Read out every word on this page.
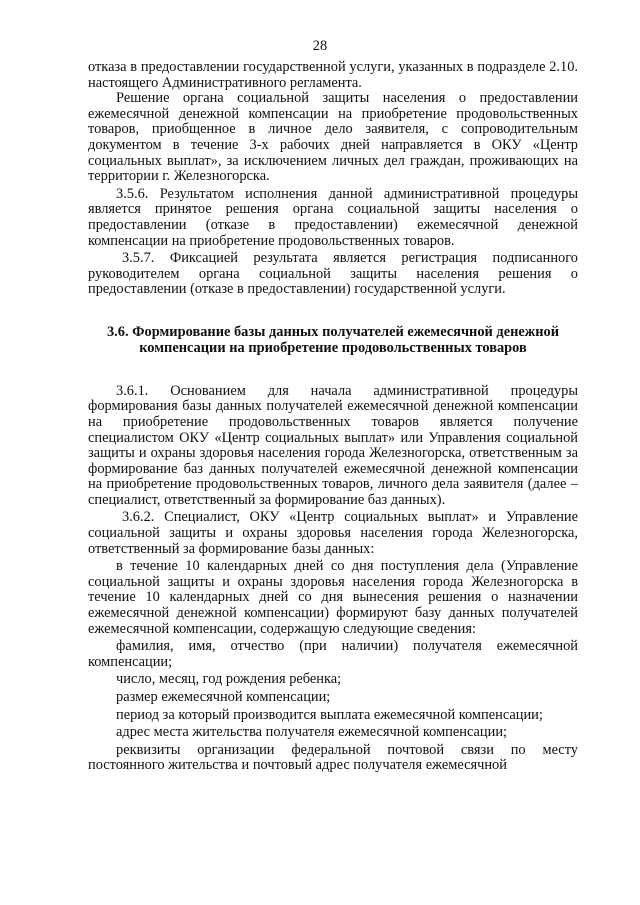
28

отказа в предоставлении государственной услуги, указанных в подразделе 2.10. настоящего Административного регламента.

Решение органа социальной защиты населения о предоставлении ежемесячной денежной компенсации на приобретение продовольственных товаров, приобщенное в личное дело заявителя, с сопроводительным документом в течение 3-х рабочих дней направляется в ОКУ «Центр социальных выплат», за исключением личных дел граждан, проживающих на территории г. Железногорска.

3.5.6. Результатом исполнения данной административной процедуры является принятое решения органа социальной защиты населения о предоставлении (отказе в предоставлении) ежемесячной денежной компенсации на приобретение продовольственных товаров.

3.5.7. Фиксацией результата является регистрация подписанного руководителем органа социальной защиты населения решения о предоставлении (отказе в предоставлении) государственной услуги.

3.6. Формирование базы данных получателей ежемесячной денежной компенсации на приобретение продовольственных товаров

3.6.1. Основанием для начала административной процедуры формирования базы данных получателей ежемесячной денежной компенсации на приобретение продовольственных товаров является получение специалистом ОКУ «Центр социальных выплат» или Управления социальной защиты и охраны здоровья населения города Железногорска, ответственным за формирование баз данных получателей ежемесячной денежной компенсации на приобретение продовольственных товаров, личного дела заявителя (далее – специалист, ответственный за формирование баз данных).

3.6.2. Специалист, ОКУ «Центр социальных выплат» и Управление социальной защиты и охраны здоровья населения города Железногорска, ответственный за формирование базы данных:

в течение 10 календарных дней со дня поступления дела (Управление социальной защиты и охраны здоровья населения города Железногорска в течение 10 календарных дней со дня вынесения решения о назначении ежемесячной денежной компенсации) формируют базу данных получателей ежемесячной компенсации, содержащую следующие сведения:

фамилия, имя, отчество (при наличии) получателя ежемесячной компенсации;

число, месяц, год рождения ребенка;

размер ежемесячной компенсации;

период за который производится выплата ежемесячной компенсации;

адрес места жительства получателя ежемесячной компенсации;

реквизиты организации федеральной почтовой связи по месту постоянного жительства и почтовый адрес получателя ежемесячной
